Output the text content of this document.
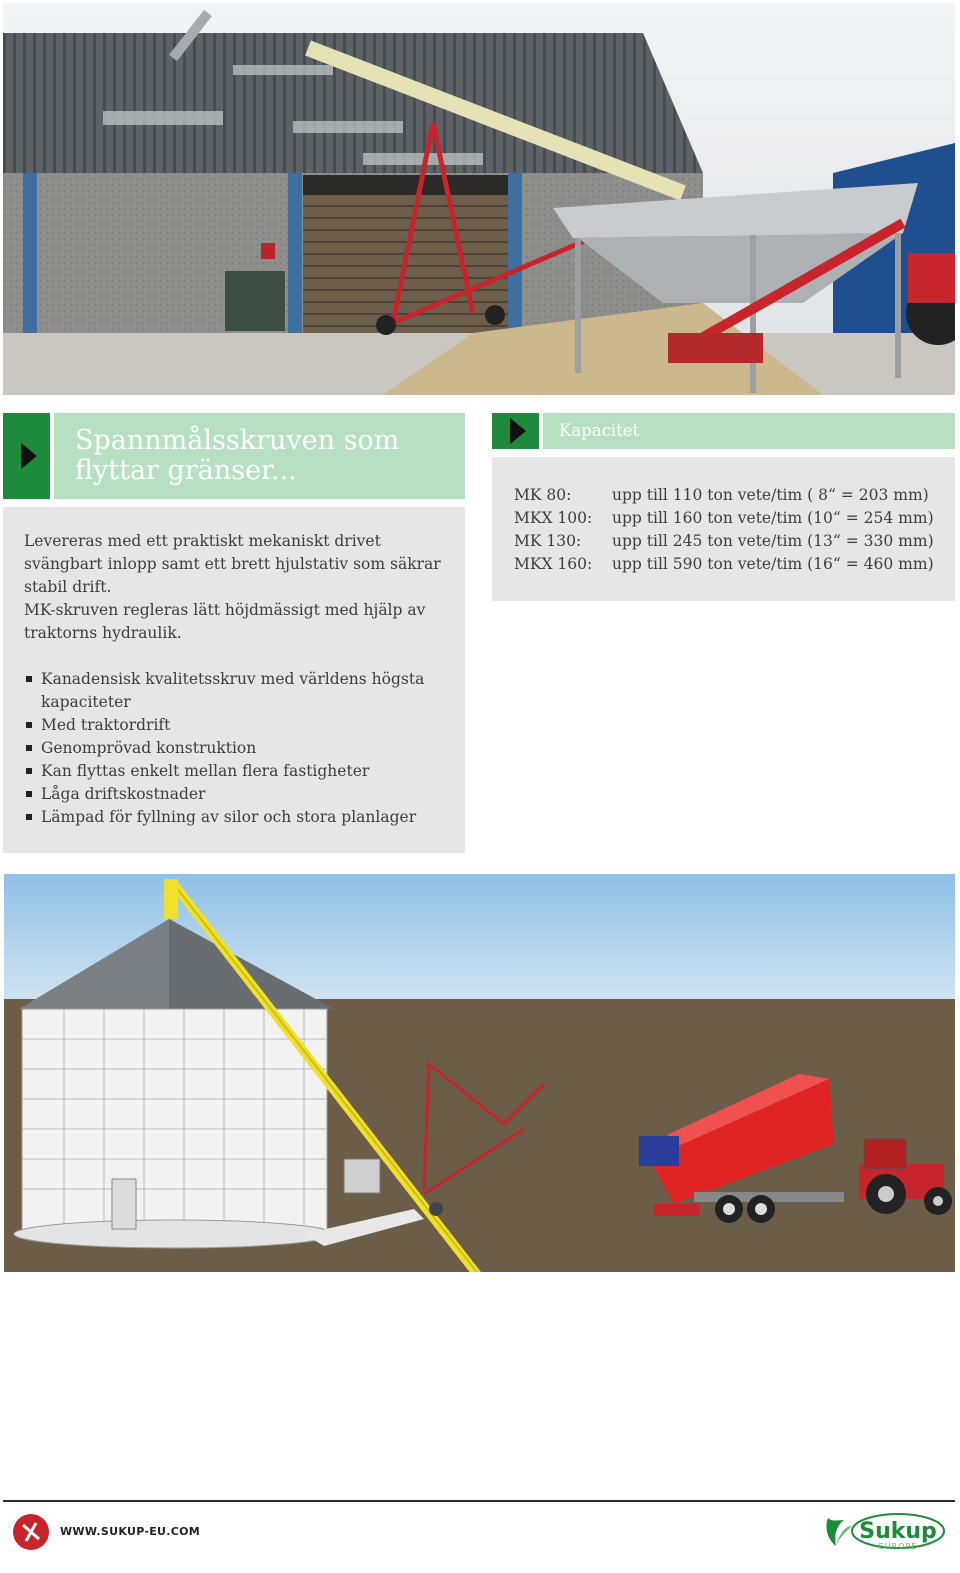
Spannmålsskruven som flyttar gränser...

Levereras med ett praktiskt mekaniskt drivet svängbart inlopp samt ett brett hjulstativ som säkrar stabil drift.

MK-skruven regleras lätt höjdmässigt med hjälp av traktorns hydraulik.

Kanadensisk kvalitetsskruv med världens högsta kapaciteter
Med traktordrift
Genomprövad konstruktion
Kan flyttas enkelt mellan flera fastigheter
Låga driftskostnader
Lämpad för fyllning av silor och stora planlager
Kapacitet
MK 80:	upp till 110 ton vete/tim ( 8“ = 203 mm)
MKX 100:	upp till 160 ton vete/tim (10“ = 254 mm)
MK 130:	upp till 245 ton vete/tim (13“ = 330 mm)
MKX 160:	upp till 590 ton vete/tim (16“ = 460 mm)
WWW.SUKUP-EU.COM	Sukup
EUROPE
